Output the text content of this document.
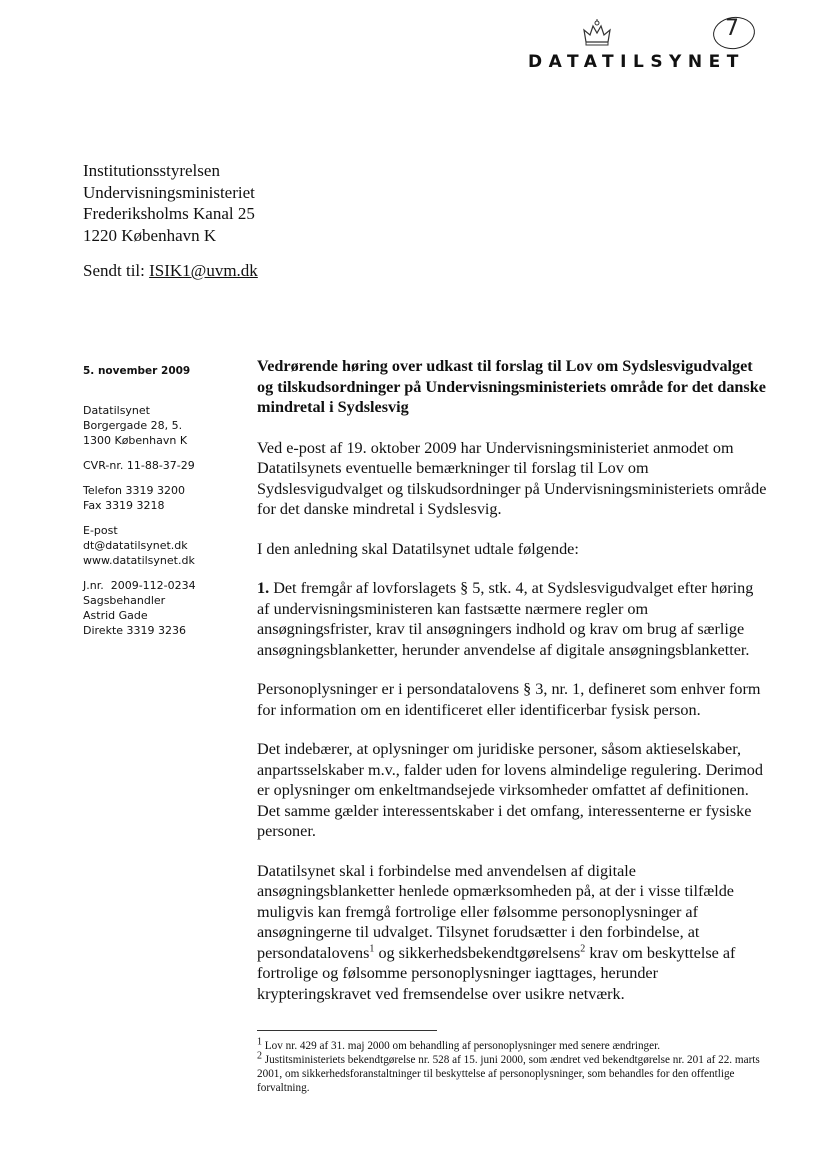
DATATILSYNET
7
Institutionsstyrelsen
Undervisningsministeriet
Frederiksholms Kanal 25
1220 København K
Sendt til: ISIK1@uvm.dk
5. november 2009
Datatilsynet
Borgergade 28, 5.
1300 København K
CVR-nr. 11-88-37-29
Telefon 3319 3200
Fax 3319 3218
E-post
dt@datatilsynet.dk
www.datatilsynet.dk
J.nr.  2009-112-0234
Sagsbehandler
Astrid Gade
Direkte 3319 3236
Vedrørende høring over udkast til forslag til Lov om Sydslesvigudvalget og tilskudsordninger på Undervisningsministeriets område for det danske mindretal i Sydslesvig

Ved e-post af 19. oktober 2009 har Undervisningsministeriet anmodet om Datatilsynets eventuelle bemærkninger til forslag til Lov om Sydslesvigudvalget og tilskudsordninger på Undervisningsministeriets område for det danske mindretal i Sydslesvig.

I den anledning skal Datatilsynet udtale følgende:

1. Det fremgår af lovforslagets § 5, stk. 4, at Sydslesvigudvalget efter høring af undervisningsministeren kan fastsætte nærmere regler om ansøgningsfrister, krav til ansøgningers indhold og krav om brug af særlige ansøgningsblanketter, herunder anvendelse af digitale ansøgningsblanketter.

Personoplysninger er i persondatalovens § 3, nr. 1, defineret som enhver form for information om en identificeret eller identificerbar fysisk person.

Det indebærer, at oplysninger om juridiske personer, såsom aktieselskaber, anpartsselskaber m.v., falder uden for lovens almindelige regulering. Derimod er oplysninger om enkeltmandsejede virksomheder omfattet af definitionen. Det samme gælder interessentskaber i det omfang, interessenterne er fysiske personer.

Datatilsynet skal i forbindelse med anvendelsen af digitale ansøgningsblanketter henlede opmærksomheden på, at der i visse tilfælde muligvis kan fremgå fortrolige eller følsomme personoplysninger af ansøgningerne til udvalget. Tilsynet forudsætter i den forbindelse, at persondatalovens$^1$ og sikkerhedsbekendtgørelsens$^2$ krav om beskyttelse af fortrolige og følsomme personoplysninger iagttages, herunder krypteringskravet ved fremsendelse over usikre netværk.

$^1$ Lov nr. 429 af 31. maj 2000 om behandling af personoplysninger med senere ændringer.
$^2$ Justitsministeriets bekendtgørelse nr. 528 af 15. juni 2000, som ændret ved bekendtgørelse nr. 201 af 22. marts 2001, om sikkerhedsforanstaltninger til beskyttelse af personoplysninger, som behandles for den offentlige forvaltning.
